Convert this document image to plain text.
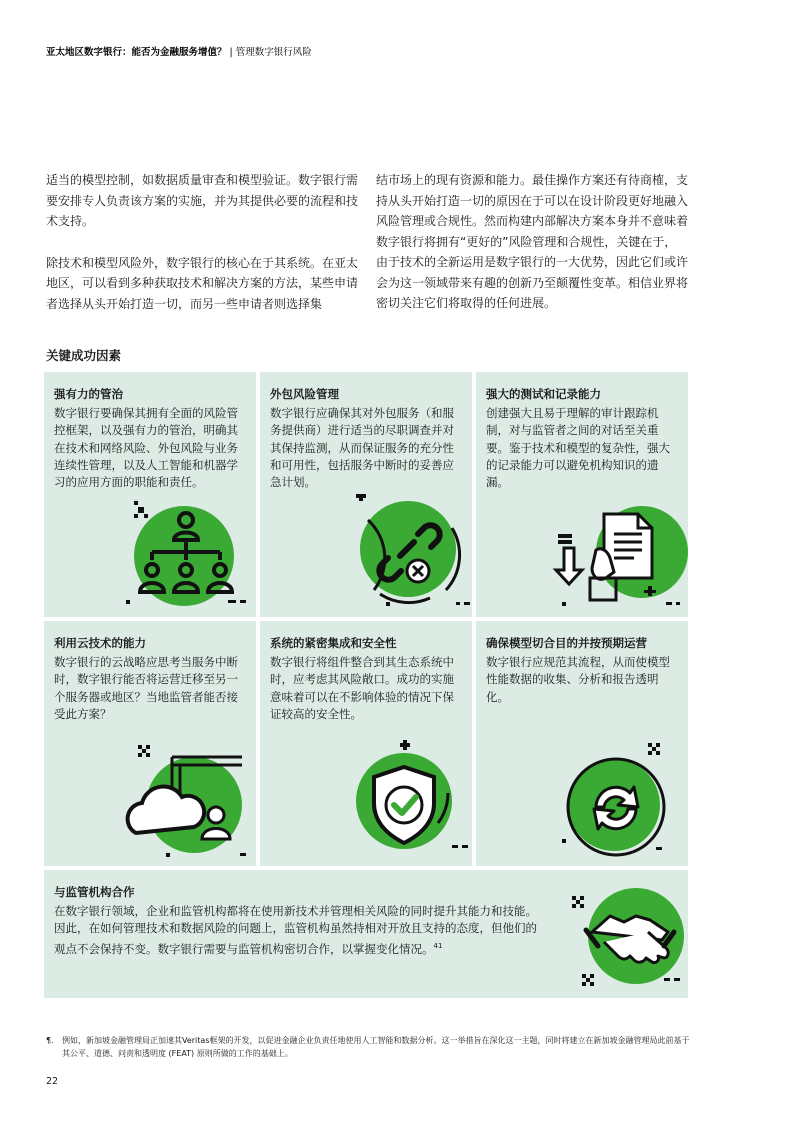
亚太地区数字银行：能否为金融服务增值？ | 管理数字银行风险

适当的模型控制，如数据质量审查和模型验证。数字银行需要安排专人负责该方案的实施，并为其提供必要的流程和技术支持。

除技术和模型风险外，数字银行的核心在于其系统。在亚太地区，可以看到多种获取技术和解决方案的方法，某些申请者选择从头开始打造一切，而另一些申请者则选择集

结市场上的现有资源和能力。最佳操作方案还有待商榷，支持从头开始打造一切的原因在于可以在设计阶段更好地融入风险管理或合规性。然而构建内部解决方案本身并不意味着数字银行将拥有“更好的”风险管理和合规性，关键在于，由于技术的全新运用是数字银行的一大优势，因此它们或许会为这一领域带来有趣的创新乃至颠覆性变革。相信业界将密切关注它们将取得的任何进展。

关键成功因素
强有力的管治

数字银行要确保其拥有全面的风险管控框架，以及强有力的管治，明确其在技术和网络风险、外包风险与业务连续性管理，以及人工智能和机器学习的应用方面的职能和责任。

外包风险管理

数字银行应确保其对外包服务（和服务提供商）进行适当的尽职调查并对其保持监测，从而保证服务的充分性和可用性，包括服务中断时的妥善应急计划。

强大的测试和记录能力

创建强大且易于理解的审计跟踪机制，对与监管者之间的对话至关重要。鉴于技术和模型的复杂性，强大的记录能力可以避免机构知识的遗漏。

利用云技术的能力

数字银行的云战略应思考当服务中断时，数字银行能否将运营迁移至另一个服务器或地区？当地监管者能否接受此方案？

系统的紧密集成和安全性

数字银行将组件整合到其生态系统中时，应考虑其风险敞口。成功的实施意味着可以在不影响体验的情况下保证较高的安全性。

确保模型切合目的并按预期运营

数字银行应规范其流程，从而使模型性能数据的收集、分析和报告透明化。

与监管机构合作

在数字银行领域，企业和监管机构都将在使用新技术并管理相关风险的同时提升其能力和技能。因此，在如何管理技术和数据风险的问题上，监管机构虽然持相对开放且支持的态度，但他们的观点不会保持不变。数字银行需要与监管机构密切合作，以掌握变化情况。$^{41}$

¶. 例如，新加坡金融管理局正加速其Veritas框架的开发，以促进金融企业负责任地使用人工智能和数据分析。这一举措旨在深化这一主题，同时将建立在新加坡金融管理局此前基于其公平、道德、问责和透明度 (FEAT) 原则所做的工作的基础上。
22
